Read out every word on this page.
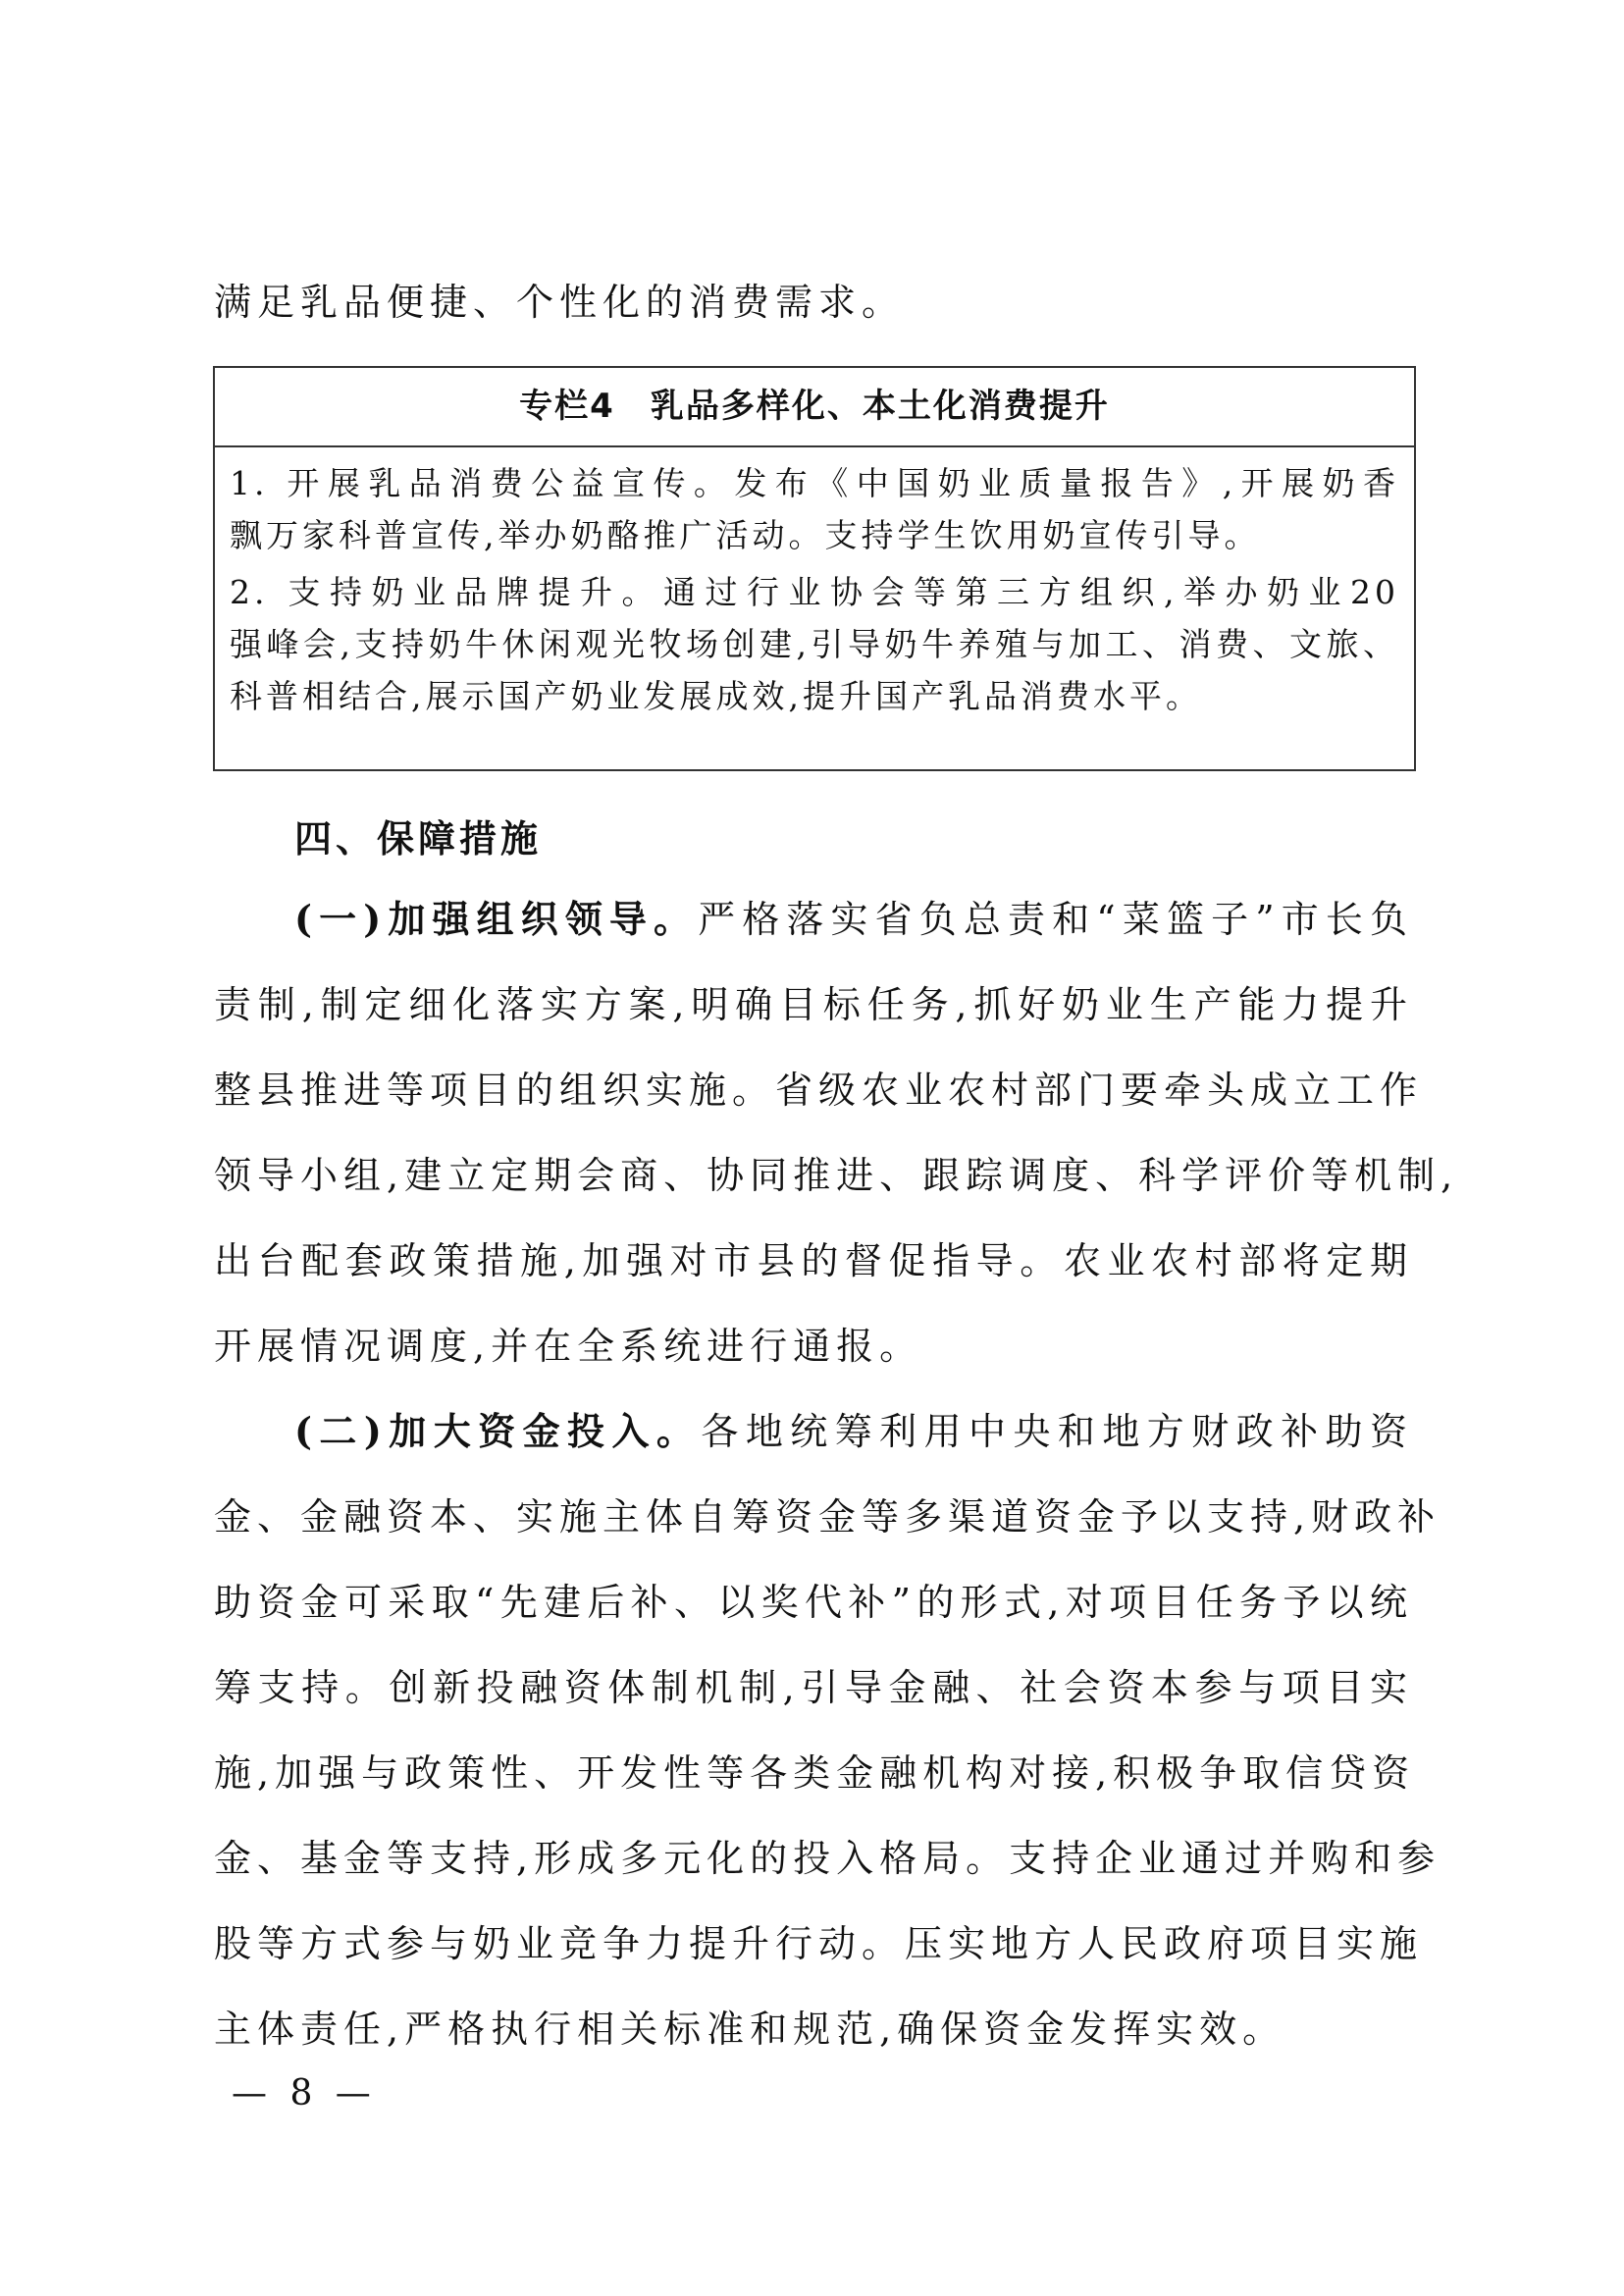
满足乳品便捷、个性化的消费需求。
专栏4　乳品多样化、本土化消费提升
1. 开展乳品消费公益宣传。发布《中国奶业质量报告》,开展奶香
飘万家科普宣传,举办奶酪推广活动。支持学生饮用奶宣传引导。
2. 支持奶业品牌提升。通过行业协会等第三方组织,举办奶业20
强峰会,支持奶牛休闲观光牧场创建,引导奶牛养殖与加工、消费、文旅、
科普相结合,展示国产奶业发展成效,提升国产乳品消费水平。
四、保障措施
(一)加强组织领导。严格落实省负总责和“菜篮子”市长负
责制,制定细化落实方案,明确目标任务,抓好奶业生产能力提升
整县推进等项目的组织实施。省级农业农村部门要牵头成立工作
领导小组,建立定期会商、协同推进、跟踪调度、科学评价等机制,
出台配套政策措施,加强对市县的督促指导。农业农村部将定期
开展情况调度,并在全系统进行通报。
(二)加大资金投入。各地统筹利用中央和地方财政补助资
金、金融资本、实施主体自筹资金等多渠道资金予以支持,财政补
助资金可采取“先建后补、以奖代补”的形式,对项目任务予以统
筹支持。创新投融资体制机制,引导金融、社会资本参与项目实
施,加强与政策性、开发性等各类金融机构对接,积极争取信贷资
金、基金等支持,形成多元化的投入格局。支持企业通过并购和参
股等方式参与奶业竞争力提升行动。压实地方人民政府项目实施
主体责任,严格执行相关标准和规范,确保资金发挥实效。
— 8 —
